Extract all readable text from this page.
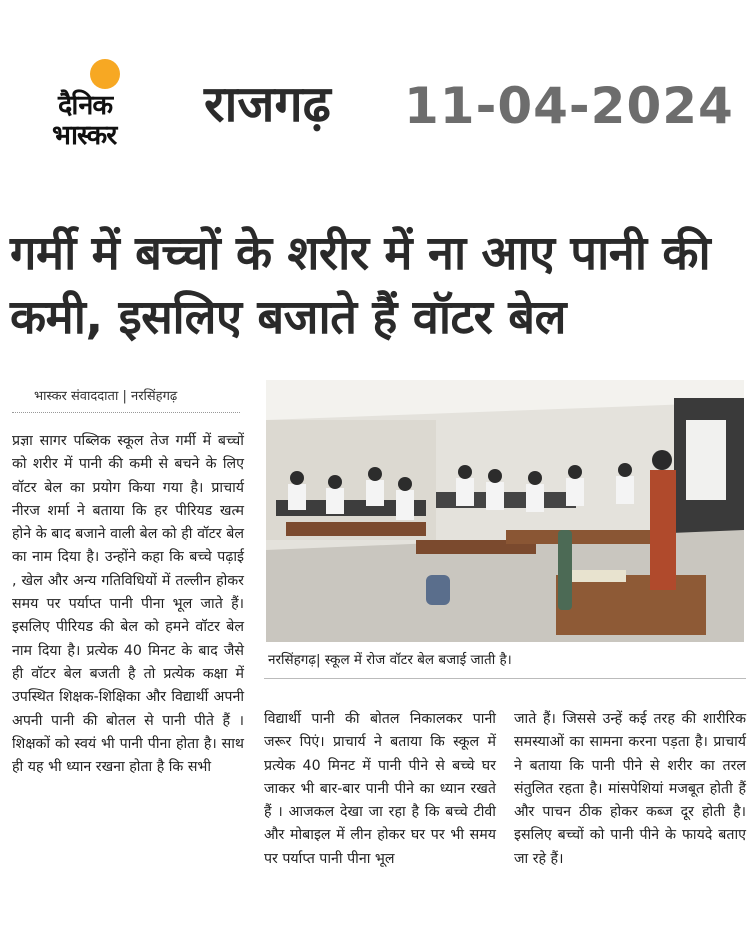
दैनिक
भास्कर
राजगढ़ 11-04-2024
गर्मी में बच्चों के शरीर में ना आए पानी की कमी, इसलिए बजाते हैं वॉटर बेल
भास्कर संवाददाता | नरसिंहगढ़
प्रज्ञा सागर पब्लिक स्कूल तेज गर्मी में बच्चों को शरीर में पानी की कमी से बचने के लिए वॉटर बेल का प्रयोग किया गया है। प्राचार्य नीरज शर्मा ने बताया कि हर पीरियड खत्म होने के बाद बजाने वाली बेल को ही वॉटर बेल का नाम दिया है। उन्होंने कहा कि बच्चे पढ़ाई , खेल और अन्य गतिविधियों में तल्लीन होकर समय पर पर्याप्त पानी पीना भूल जाते हैं। इसलिए पीरियड की बेल को हमने वॉटर बेल नाम दिया है। प्रत्येक 40 मिनट के बाद जैसे ही वॉटर बेल बजती है तो प्रत्येक कक्षा में उपस्थित शिक्षक-शिक्षिका और विद्यार्थी अपनी अपनी पानी की बोतल से पानी पीते हैं । शिक्षकों को स्वयं भी पानी पीना होता है। साथ ही यह भी ध्यान रखना होता है कि सभी
नरसिंहगढ़| स्कूल में रोज वॉटर बेल बजाई जाती है।
विद्यार्थी पानी की बोतल निकालकर पानी जरूर पिएं। प्राचार्य ने बताया कि स्कूल में प्रत्येक 40 मिनट में पानी पीने से बच्चे घर जाकर भी बार-बार पानी पीने का ध्यान रखते हैं । आजकल देखा जा रहा है कि बच्चे टीवी और मोबाइल में लीन होकर घर पर भी समय पर पर्याप्त पानी पीना भूल
जाते हैं। जिससे उन्हें कई तरह की शारीरिक समस्याओं का सामना करना पड़ता है। प्राचार्य ने बताया कि पानी पीने से शरीर का तरल संतुलित रहता है। मांसपेशियां मजबूत होती हैं और पाचन ठीक होकर कब्ज दूर होती है। इसलिए बच्चों को पानी पीने के फायदे बताए जा रहे हैं।
